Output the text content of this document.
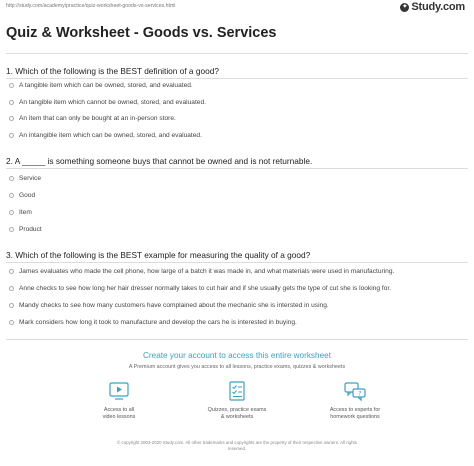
http://study.com/academy/practice/quiz-worksheet-goods-vs-services.html	✦ Study.com
Quiz & Worksheet - Goods vs. Services
1. Which of the following is the BEST definition of a good?
A tangible item which can be owned, stored, and evaluated.
An tangible item which cannot be owned, stored, and evaluated.
An item that can only be bought at an in-person store.
An intangible item which can be owned, stored, and evaluated.
2. A _____ is something someone buys that cannot be owned and is not returnable.
Service
Good
Item
Product
3. Which of the following is the BEST example for measuring the quality of a good?
James evaluates who made the cell phone, how large of a batch it was made in, and what materials were used in manufacturing.
Anne checks to see how long her hair dresser normally takes to cut hair and if she usually gets the type of cut she is looking for.
Mandy checks to see how many customers have complained about the mechanic she is intersted in using.
Mark considers how long it took to manufacture and develop the cars he is interested in buying.
Create your account to access this entire worksheet
A Premium account gives you access to all lessons, practice exams, quizzes & worksheets
Access to all
video lessons
Quizzes, practice exams
& worksheets
?
Access to experts for
homework questions
© copyright 2003-2020 Study.com. All other trademarks and copyrights are the property of their respective owners. All rights
reserved.
